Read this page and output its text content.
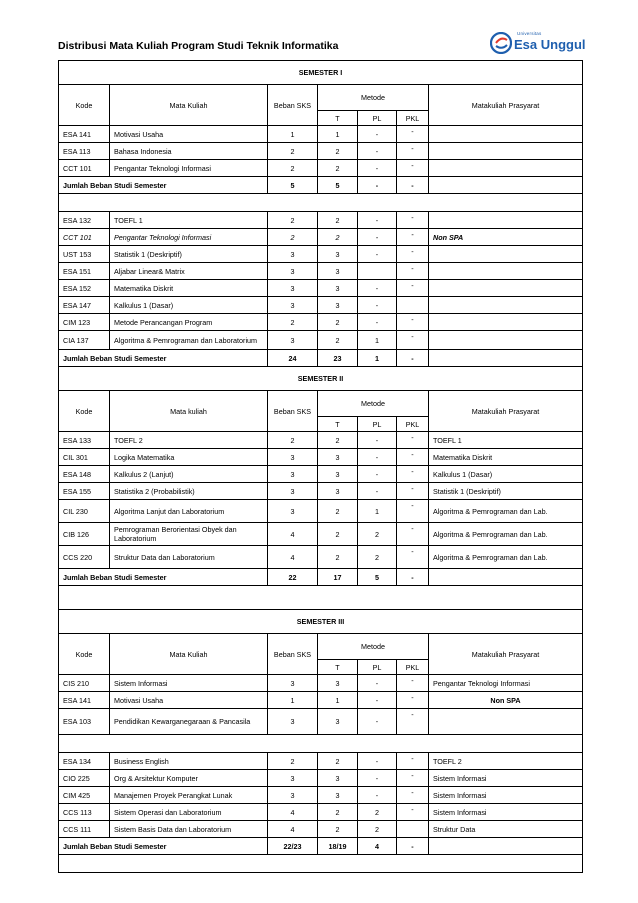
Distribusi Mata Kuliah Program Studi Teknik Informatika
Universitas
Esa Unggul
SEMESTER I						
Kode	Mata Kuliah	Beban SKS	Metode			Matakuliah Prasyarat
			T	PL	PKL	
ESA 141	Motivasi Usaha	1	1	-	-	
ESA 113	Bahasa Indonesia	2	2	-	-	
CCT 101	Pengantar Teknologi Informasi	2	2	-	-	
Jumlah Beban Studi Semester		5	5	-	-	

ESA 132	TOEFL 1	2	2	-	-	
CCT 101	Pengantar Teknologi Informasi	2	2	-	-	Non SPA
UST 153	Statistik 1 (Deskriptif)	3	3	-	-	
ESA 151	Aljabar Linear& Matrix	3	3		-	
ESA 152	Matematika Diskrit	3	3	-	-	
ESA 147	Kalkulus 1 (Dasar)	3	3	-		
CIM 123	Metode Perancangan Program	2	2	-	-	
CIA 137	Algoritma & Pemrograman dan Laboratorium	3	2	1	-	
Jumlah Beban Studi Semester		24	23	1	-	
SEMESTER II						
Kode	Mata kuliah	Beban SKS	Metode			Matakuliah Prasyarat
			T	PL	PKL	
ESA 133	TOEFL 2	2	2	-	-	TOEFL 1
CIL 301	Logika Matematika	3	3	-	-	Matematika Diskrit
ESA 148	Kalkulus 2 (Lanjut)	3	3	-	-	Kalkulus 1 (Dasar)
ESA 155	Statistika 2 (Probabilistik)	3	3	-	-	Statistik 1 (Deskriptif)
CIL 230	Algoritma Lanjut dan Laboratorium	3	2	1	-	Algoritma & Pemrograman dan Lab.
CIB 126	Pemrograman Berorientasi Obyek dan Laboratorium	4	2	2	-	Algoritma & Pemrograman dan Lab.
CCS 220	Struktur Data dan Laboratorium	4	2	2	-	Algoritma & Pemrograman dan Lab.
Jumlah Beban Studi Semester		22	17	5	-	

SEMESTER III						
Kode	Mata Kuliah	Beban SKS	Metode			Matakuliah Prasyarat
			T	PL	PKL	
CIS 210	Sistem Informasi	3	3	-	-	Pengantar Teknologi Informasi
ESA 141	Motivasi Usaha	1	1	-	-	Non SPA
ESA 103	Pendidikan Kewarganegaraan & Pancasila	3	3	-	-	

ESA 134	Business English	2	2	-	-	TOEFL 2
CIO 225	Org & Arsitektur Komputer	3	3	-	-	Sistem Informasi
CIM 425	Manajemen Proyek Perangkat Lunak	3	3	-	-	Sistem Informasi
CCS 113	Sistem Operasi dan Laboratorium	4	2	2	-	Sistem Informasi
CCS 111	Sistem Basis Data dan Laboratorium	4	2	2		Struktur Data
Jumlah Beban Studi Semester		22/23	18/19	4	-	
